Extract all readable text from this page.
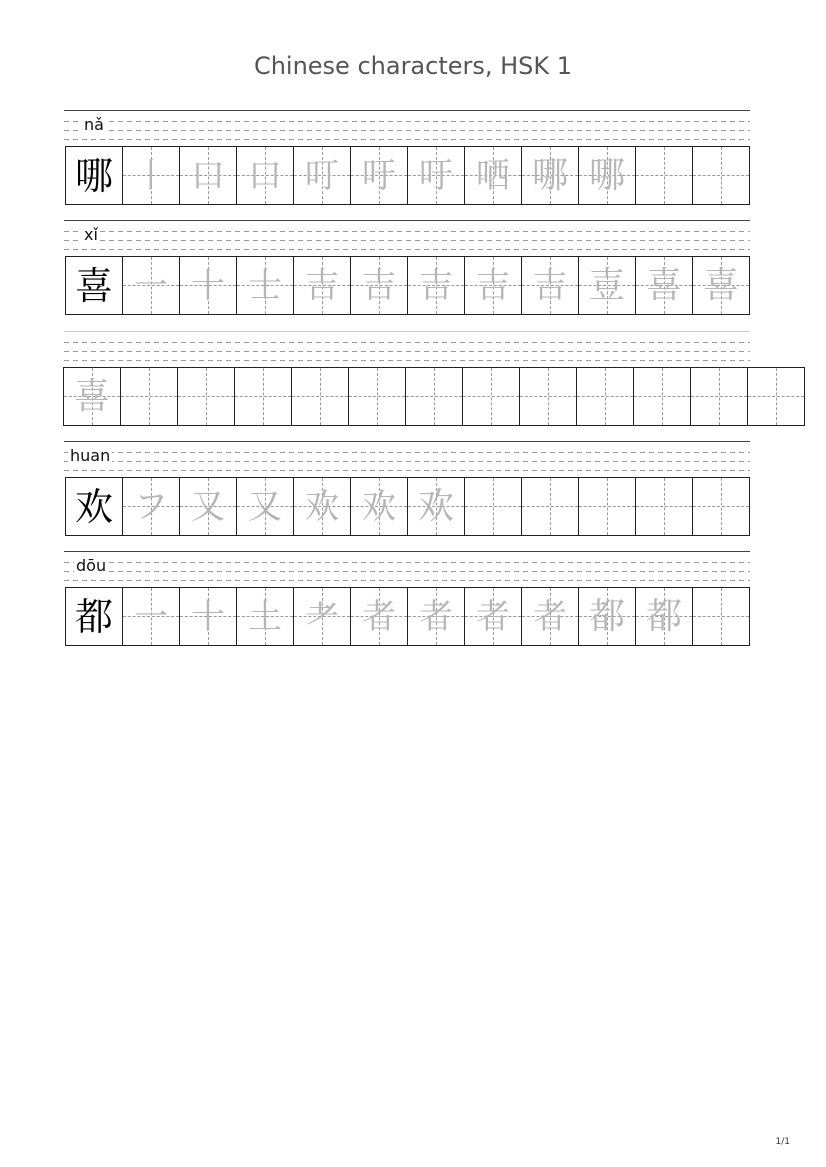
Chinese characters, HSK 1
nǎ
哪 丨 口 口 叮 吁 吁 哂 哪 哪
xǐ
喜 一 十 士 吉 吉 吉 吉 吉 壴 喜 喜
喜
huan
欢 フ 又 又 欢 欢 欢
dōu
都 一 十 土 耂 者 者 者 者 都 都
1/1
